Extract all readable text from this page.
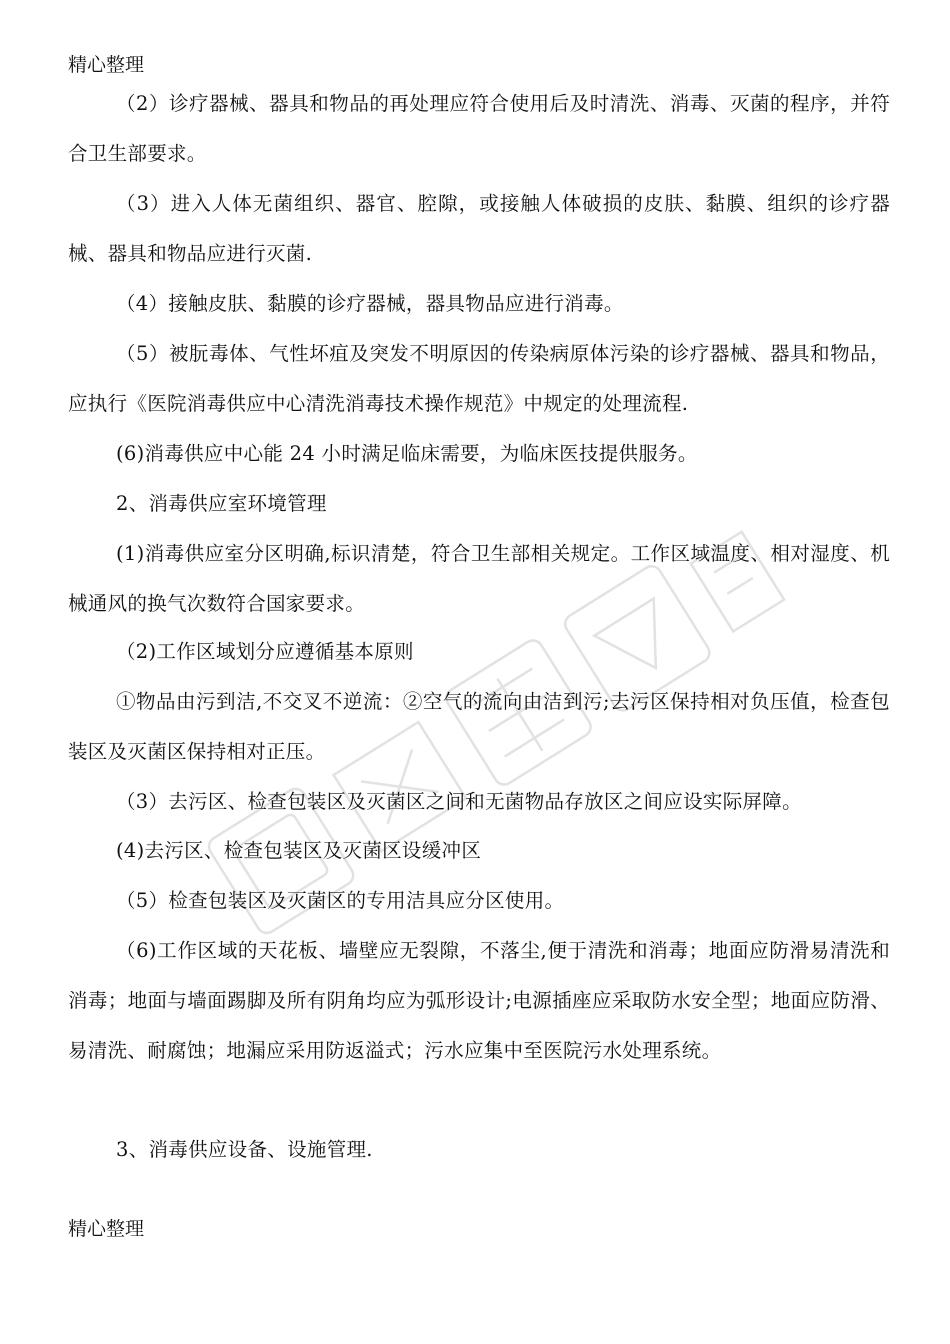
精心整理

（2）诊疗器械、器具和物品的再处理应符合使用后及时清洗、消毒、灭菌的程序，并符合卫生部要求。

（3）进入人体无菌组织、器官、腔隙，或接触人体破损的皮肤、黏膜、组织的诊疗器械、器具和物品应进行灭菌.

（4）接触皮肤、黏膜的诊疗器械，器具物品应进行消毒。

（5）被朊毒体、气性坏疽及突发不明原因的传染病原体污染的诊疗器械、器具和物品，应执行《医院消毒供应中心清洗消毒技术操作规范》中规定的处理流程.

(6)消毒供应中心能 24 小时满足临床需要，为临床医技提供服务。

2、消毒供应室环境管理

(1)消毒供应室分区明确,标识清楚，符合卫生部相关规定。工作区域温度、相对湿度、机械通风的换气次数符合国家要求。

（2)工作区域划分应遵循基本原则

①物品由污到洁,不交叉不逆流：②空气的流向由洁到污;去污区保持相对负压值，检查包装区及灭菌区保持相对正压。

（3）去污区、检查包装区及灭菌区之间和无菌物品存放区之间应设实际屏障。

(4)去污区、检查包装区及灭菌区设缓冲区

（5）检查包装区及灭菌区的专用洁具应分区使用。

（6)工作区域的天花板、墙壁应无裂隙，不落尘,便于清洗和消毒；地面应防滑易清洗和消毒；地面与墙面踢脚及所有阴角均应为弧形设计;电源插座应采取防水安全型；地面应防滑、易清洗、耐腐蚀；地漏应采用防返溢式；污水应集中至医院污水处理系统。

3、消毒供应设备、设施管理.

精心整理
